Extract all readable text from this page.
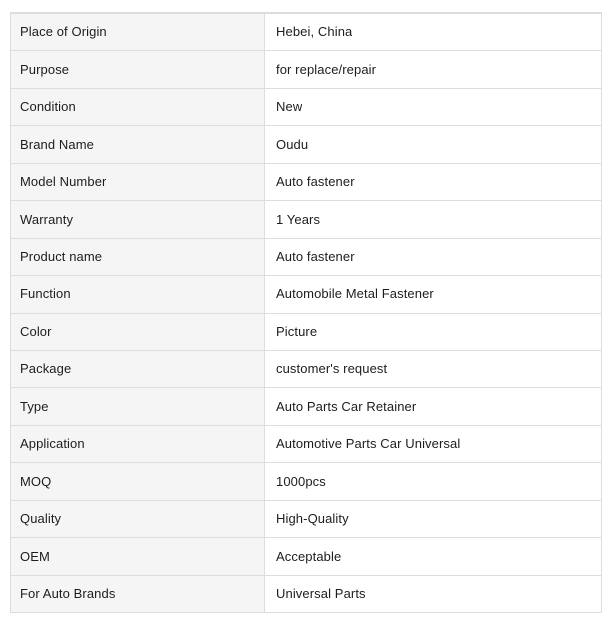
Place of Origin	Hebei, China
Purpose	for replace/repair
Condition	New
Brand Name	Oudu
Model Number	Auto fastener
Warranty	1 Years
Product name	Auto fastener
Function	Automobile Metal Fastener
Color	Picture
Package	customer's request
Type	Auto Parts Car Retainer
Application	Automotive Parts Car Universal
MOQ	1000pcs
Quality	High-Quality
OEM	Acceptable
For Auto Brands	Universal Parts
